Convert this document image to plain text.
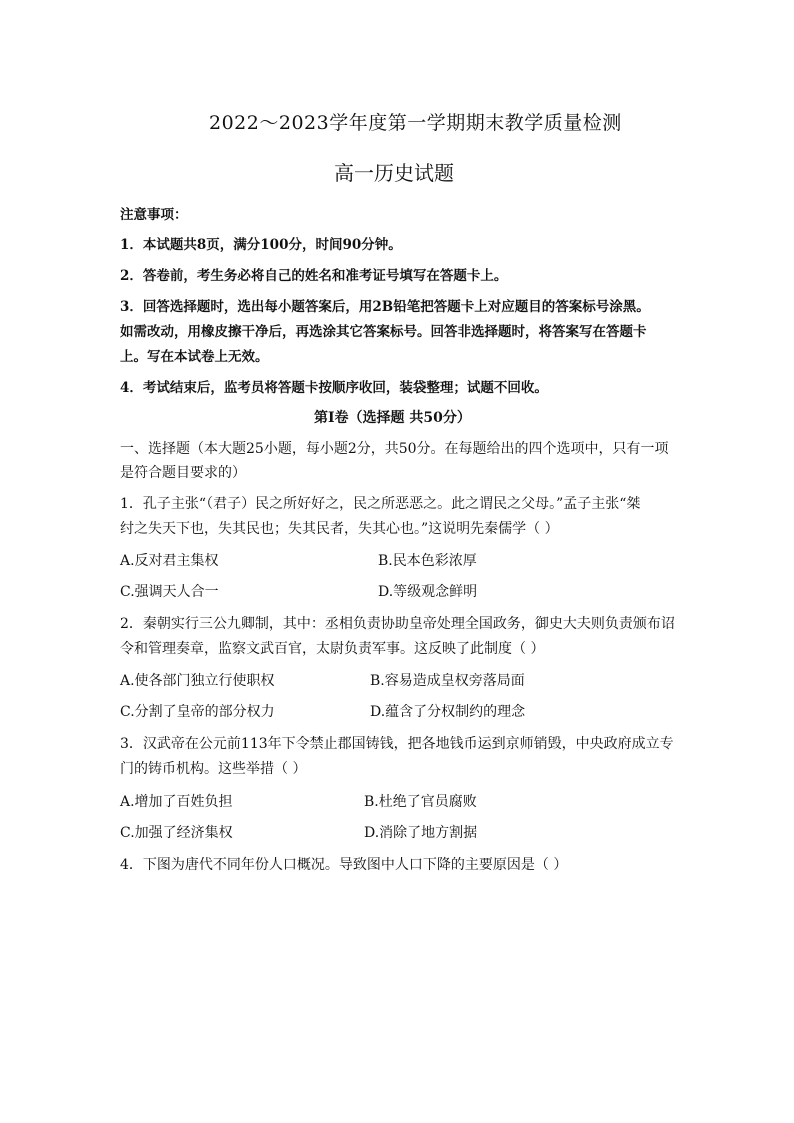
2022～2023学年度第一学期期末教学质量检测
高一历史试题
注意事项：
1．本试题共8页，满分100分，时间90分钟。
2．答卷前，考生务必将自己的姓名和准考证号填写在答题卡上。
3．回答选择题时，选出每小题答案后，用2B铅笔把答题卡上对应题目的答案标号涂黑。
如需改动，用橡皮擦干净后，再选涂其它答案标号。回答非选择题时，将答案写在答题卡
上。写在本试卷上无效。
4．考试结束后，监考员将答题卡按顺序收回，装袋整理；试题不回收。
第I卷（选择题 共50分）
一、选择题（本大题25小题，每小题2分，共50分。在每题给出的四个选项中，只有一项
是符合题目要求的）
1．孔子主张“（君子）民之所好好之，民之所恶恶之。此之谓民之父母。”孟子主张“桀
纣之失天下也，失其民也；失其民者，失其心也。”这说明先秦儒学（ ）
A.反对君主集权	B.民本色彩浓厚
C.强调天人合一	D.等级观念鲜明
2．秦朝实行三公九卿制，其中：丞相负责协助皇帝处理全国政务，御史大夫则负责颁布诏
令和管理奏章，监察文武百官，太尉负责军事。这反映了此制度（ ）
A.使各部门独立行使职权	B.容易造成皇权旁落局面
C.分割了皇帝的部分权力	D.蕴含了分权制约的理念
3．汉武帝在公元前113年下令禁止郡国铸钱，把各地钱币运到京师销毁，中央政府成立专
门的铸币机构。这些举措（ ）
A.增加了百姓负担	B.杜绝了官员腐败
C.加强了经济集权	D.消除了地方割据
4．下图为唐代不同年份人口概况。导致图中人口下降的主要原因是（ ）
